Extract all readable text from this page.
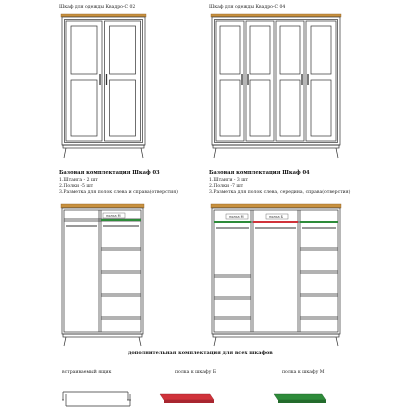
Шкаф для одежды Квадро-С 02	Шкаф для одежды Квадро-С 04
Базовая комплектация Шкаф 03
1.Штанга - 2 шт
2.Полки -5 шт
3.Разметка для полок слева и справа(отверстия)
Базовая комплектация Шкаф 04
1.Штанги - 3 шт
2.Полки -7 шт
3.Разметка для полок слева, середина, справа(отверстия)
дополнительная комплектация для всех шкафов
встраиваемый ящик	полка к шкафу Б	полка к шкафу М
полка М	полка М	полка Б
